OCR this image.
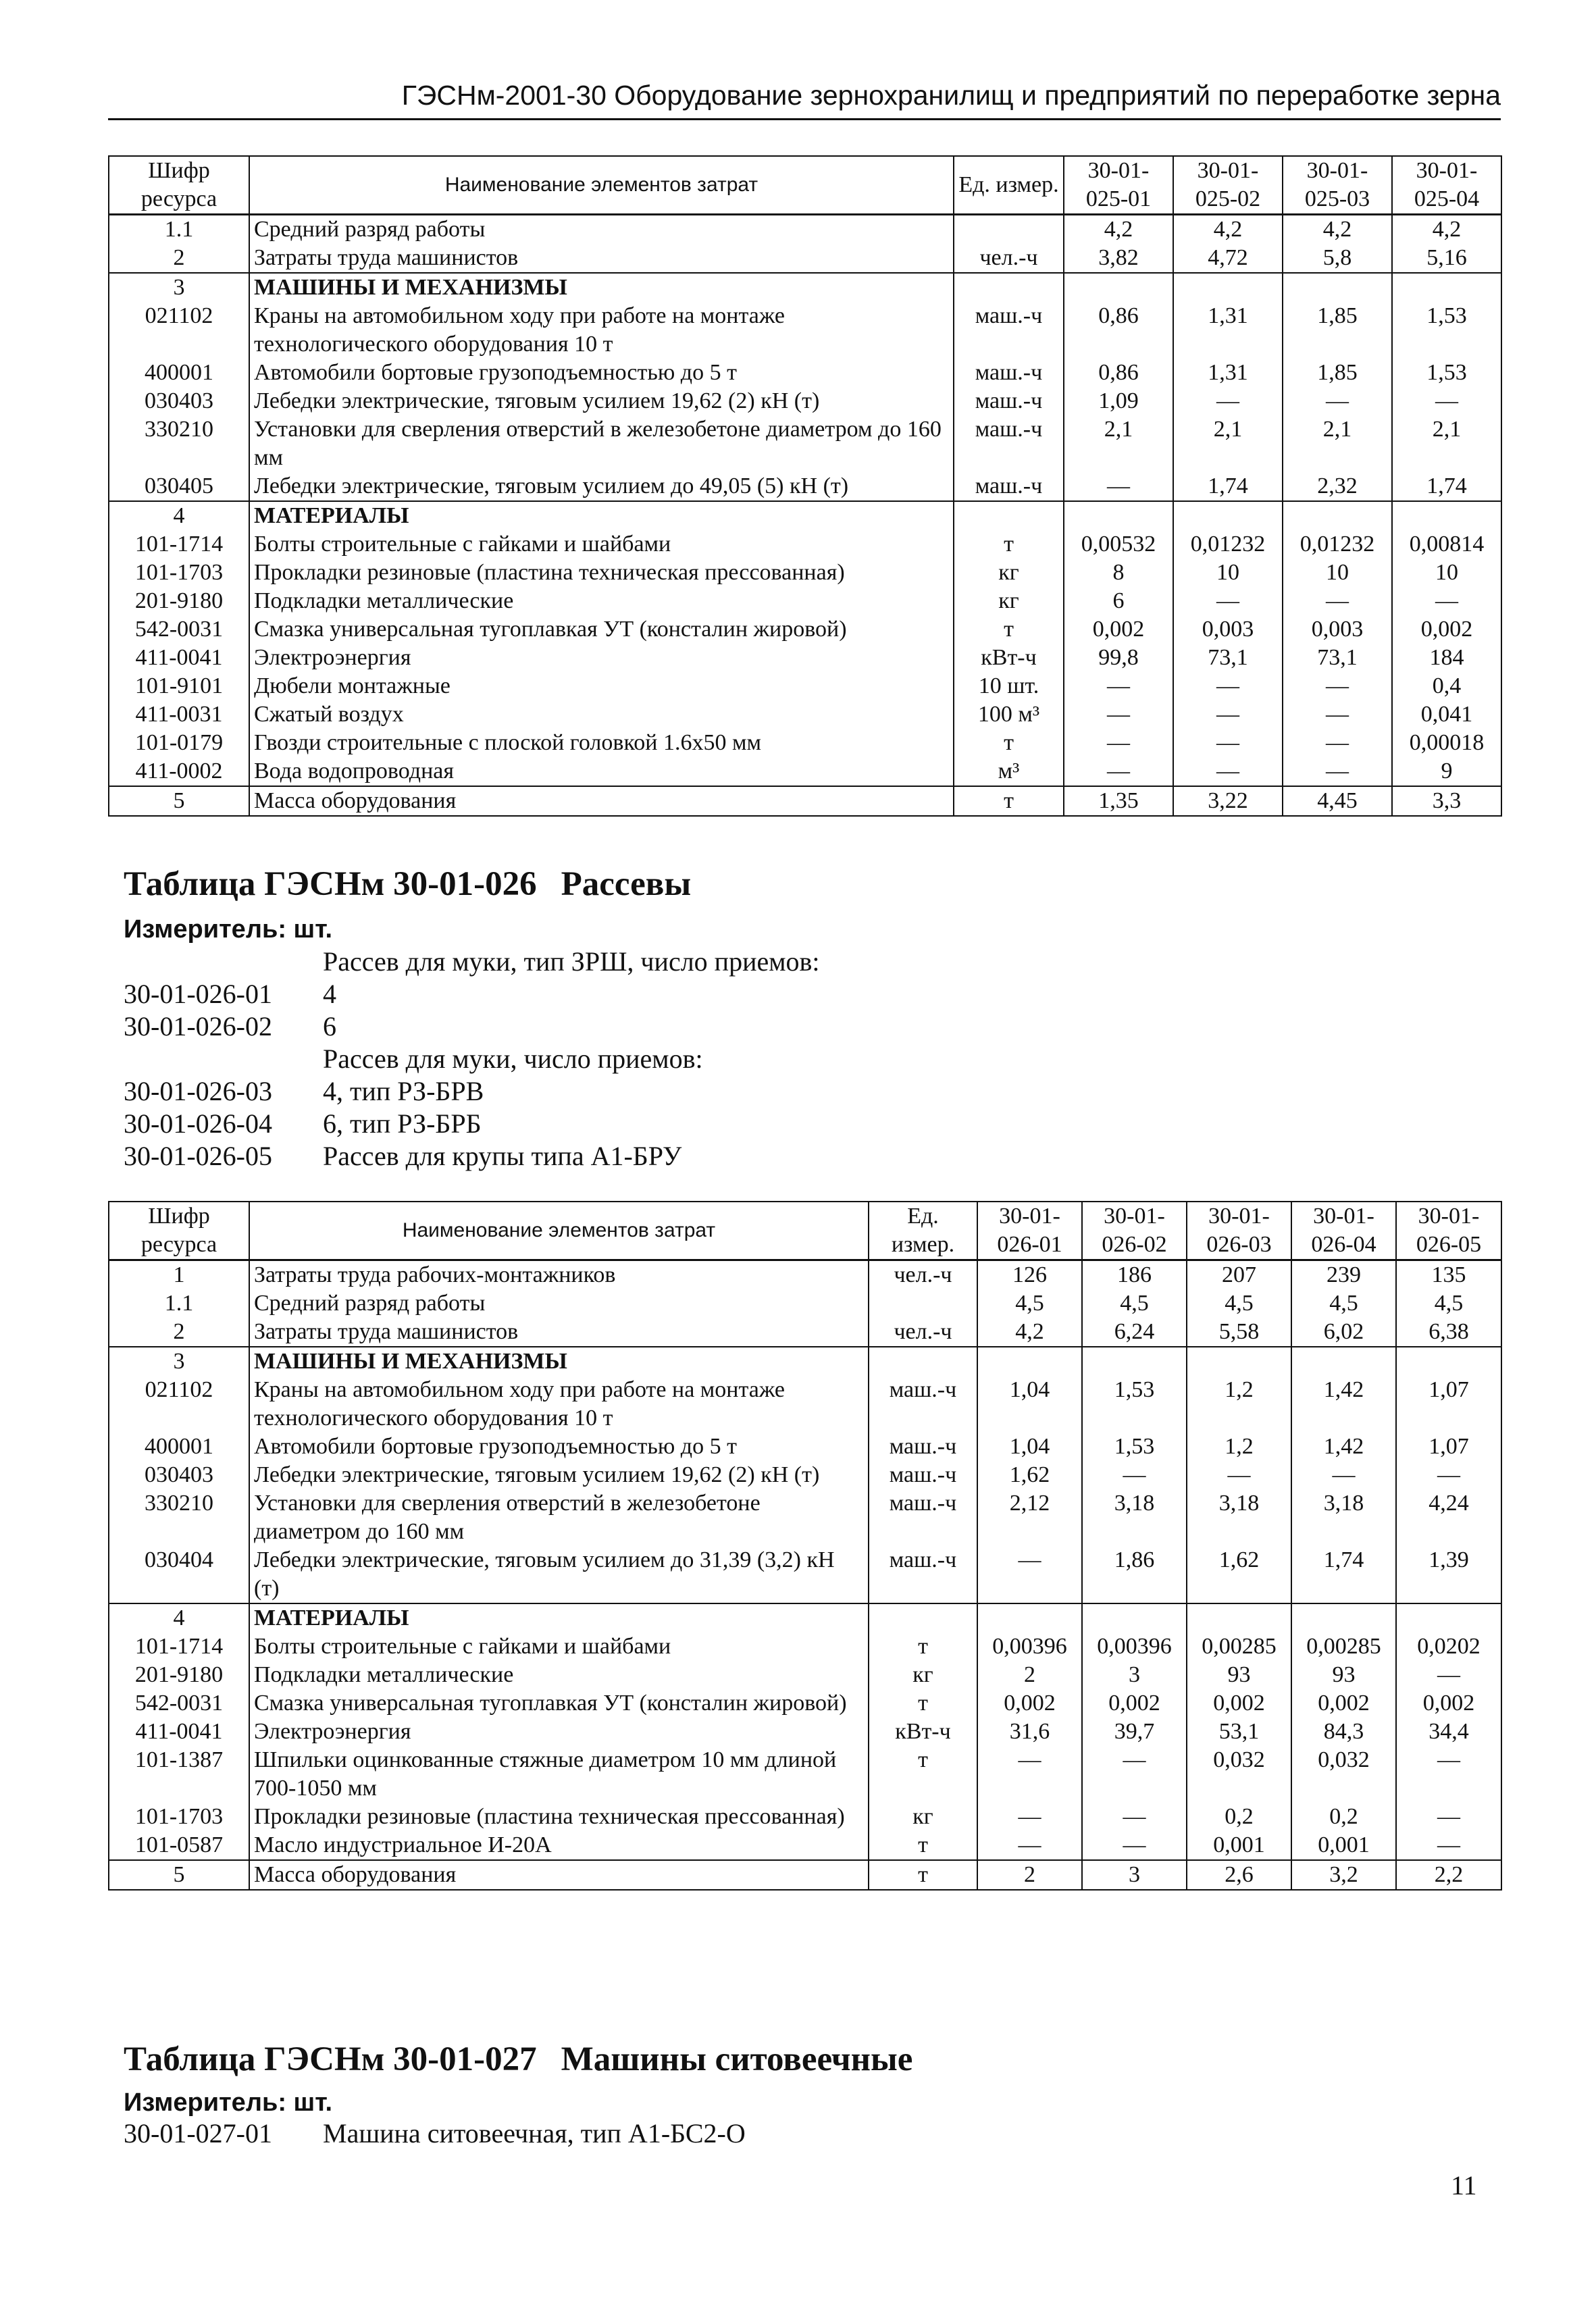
ГЭСНм-2001-30 Оборудование зернохранилищ и предприятий по переработке зерна
Шифр ресурса	Наименование элементов затрат	Ед. измер.	30-01-025-01	30-01-025-02	30-01-025-03	30-01-025-04
1.1	Средний разряд работы		4,2	4,2	4,2	4,2
2	Затраты труда машинистов	чел.-ч	3,82	4,72	5,8	5,16
3	МАШИНЫ И МЕХАНИЗМЫ					
021102	Краны на автомобильном ходу при работе на монтаже технологического оборудования 10 т	маш.-ч	0,86	1,31	1,85	1,53
400001	Автомобили бортовые грузоподъемностью до 5 т	маш.-ч	0,86	1,31	1,85	1,53
030403	Лебедки электрические, тяговым усилием 19,62 (2) кН (т)	маш.-ч	1,09	—	—	—
330210	Установки для сверления отверстий в железобетоне диаметром до 160 мм	маш.-ч	2,1	2,1	2,1	2,1
030405	Лебедки электрические, тяговым усилием до 49,05 (5) кН (т)	маш.-ч	—	1,74	2,32	1,74
4	МАТЕРИАЛЫ					
101-1714	Болты строительные с гайками и шайбами	т	0,00532	0,01232	0,01232	0,00814
101-1703	Прокладки резиновые (пластина техническая прессованная)	кг	8	10	10	10
201-9180	Подкладки металлические	кг	6	—	—	—
542-0031	Смазка универсальная тугоплавкая УТ (консталин жировой)	т	0,002	0,003	0,003	0,002
411-0041	Электроэнергия	кВт-ч	99,8	73,1	73,1	184
101-9101	Дюбели монтажные	10 шт.	—	—	—	0,4
411-0031	Сжатый воздух	100 м³	—	—	—	0,041
101-0179	Гвозди строительные с плоской головкой 1.6х50 мм	т	—	—	—	0,00018
411-0002	Вода водопроводная	м³	—	—	—	9
5	Масса оборудования	т	1,35	3,22	4,45	3,3
Таблица ГЭСНм 30-01-026 Рассевы
Измеритель: шт.
Рассев для муки, тип ЗРШ, число приемов:
30-01-026-01	4
30-01-026-02	6
Рассев для муки, число приемов:
30-01-026-03	4, тип РЗ-БРВ
30-01-026-04	6, тип РЗ-БРБ
30-01-026-05	Рассев для крупы типа А1-БРУ
Шифр ресурса	Наименование элементов затрат	Ед. измер.	30-01-026-01	30-01-026-02	30-01-026-03	30-01-026-04	30-01-026-05
1	Затраты труда рабочих-монтажников	чел.-ч	126	186	207	239	135
1.1	Средний разряд работы		4,5	4,5	4,5	4,5	4,5
2	Затраты труда машинистов	чел.-ч	4,2	6,24	5,58	6,02	6,38
3	МАШИНЫ И МЕХАНИЗМЫ						
021102	Краны на автомобильном ходу при работе на монтаже технологического оборудования 10 т	маш.-ч	1,04	1,53	1,2	1,42	1,07
400001	Автомобили бортовые грузоподъемностью до 5 т	маш.-ч	1,04	1,53	1,2	1,42	1,07
030403	Лебедки электрические, тяговым усилием 19,62 (2) кН (т)	маш.-ч	1,62	—	—	—	—
330210	Установки для сверления отверстий в железобетоне диаметром до 160 мм	маш.-ч	2,12	3,18	3,18	3,18	4,24
030404	Лебедки электрические, тяговым усилием до 31,39 (3,2) кН (т)	маш.-ч	—	1,86	1,62	1,74	1,39
4	МАТЕРИАЛЫ						
101-1714	Болты строительные с гайками и шайбами	т	0,00396	0,00396	0,00285	0,00285	0,0202
201-9180	Подкладки металлические	кг	2	3	93	93	—
542-0031	Смазка универсальная тугоплавкая УТ (консталин жировой)	т	0,002	0,002	0,002	0,002	0,002
411-0041	Электроэнергия	кВт-ч	31,6	39,7	53,1	84,3	34,4
101-1387	Шпильки оцинкованные стяжные диаметром 10 мм длиной 700-1050 мм	т	—	—	0,032	0,032	—
101-1703	Прокладки резиновые (пластина техническая прессованная)	кг	—	—	0,2	0,2	—
101-0587	Масло индустриальное И-20А	т	—	—	0,001	0,001	—
5	Масса оборудования	т	2	3	2,6	3,2	2,2
Таблица ГЭСНм 30-01-027 Машины ситовеечные
Измеритель: шт.
30-01-027-01	Машина ситовеечная, тип А1-БС2-О
11
